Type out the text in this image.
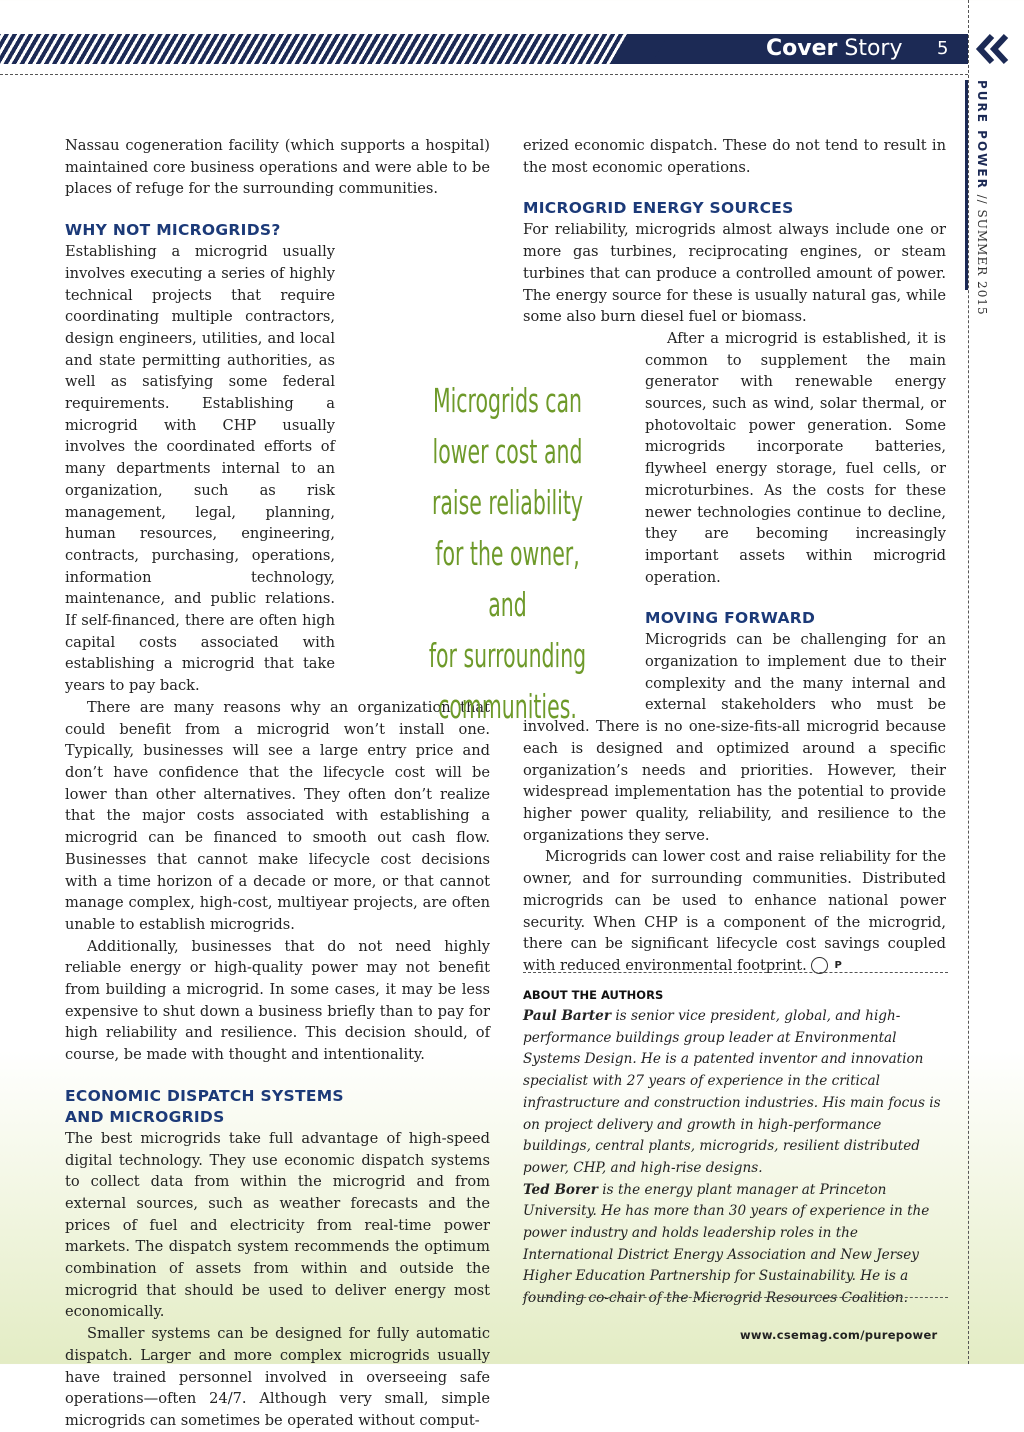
Cover Story 5
PURE POWER // SUMMER 2015

Nassau cogeneration facility (which supports a hospital) maintained core business operations and were able to be places of refuge for the surrounding communities.

WHY NOT MICROGRIDS?

Establishing a microgrid usually involves executing a series of highly technical projects that require coordinating multiple contractors, design engineers, utilities, and local and state permitting authorities, as well as satisfying some federal requirements. Establishing a microgrid with CHP usually involves the coordinated efforts of many departments internal to an organization, such as risk management, legal, planning, human resources, engineering, contracts, purchasing, operations, information technology, maintenance, and public relations. If self-financed, there are often high capital costs associated with establishing a microgrid that take years to pay back.

There are many reasons why an organization that could benefit from a microgrid won’t install one. Typically, businesses will see a large entry price and don’t have confidence that the lifecycle cost will be lower than other alternatives. They often don’t realize that the major costs associated with establishing a microgrid can be financed to smooth out cash flow. Businesses that cannot make lifecycle cost decisions with a time horizon of a decade or more, or that cannot manage complex, high-cost, multiyear projects, are often unable to establish microgrids.

Additionally, businesses that do not need highly reliable energy or high-quality power may not benefit from building a microgrid. In some cases, it may be less expensive to shut down a business briefly than to pay for high reliability and resilience. This decision should, of course, be made with thought and intentionality.

ECONOMIC DISPATCH SYSTEMS
AND MICROGRIDS

The best microgrids take full advantage of high-speed digital technology. They use economic dispatch systems to collect data from within the microgrid and from external sources, such as weather forecasts and the prices of fuel and electricity from real-time power markets. The dispatch system recommends the optimum combination of assets from within and outside the microgrid that should be used to deliver energy most economically.

Smaller systems can be designed for fully automatic dispatch. Larger and more complex microgrids usually have trained personnel involved in overseeing safe operations—often 24/7. Although very small, simple microgrids can sometimes be operated without comput-

Microgrids can
lower cost and
raise reliability
for the owner, and
for surrounding
communities.

erized economic dispatch. These do not tend to result in the most economic operations.

MICROGRID ENERGY SOURCES

For reliability, microgrids almost always include one or more gas turbines, reciprocating engines, or steam turbines that can produce a controlled amount of power. The energy source for these is usually natural gas, while some also burn diesel fuel or biomass.

After a microgrid is established, it is common to supplement the main generator with renewable energy sources, such as wind, solar thermal, or photovoltaic power generation. Some microgrids incorporate batteries, flywheel energy storage, fuel cells, or microturbines. As the costs for these newer technologies continue to decline, they are becoming increasingly important assets within microgrid operation.

MOVING FORWARD

Microgrids can be challenging for an organization to implement due to their complexity and the many internal and external stakeholders who must be involved. There is no one-size-fits-all microgrid because each is designed and optimized around a specific organization’s needs and priorities. However, their widespread implementation has the potential to provide higher power quality, reliability, and resilience to the organizations they serve.

Microgrids can lower cost and raise reliability for the owner, and for surrounding communities. Distributed microgrids can be used to enhance national power security. When CHP is a component of the microgrid, there can be significant lifecycle cost savings coupled with reduced environmental footprint.	P

ABOUT THE AUTHORS

Paul Barter is senior vice president, global, and high-performance buildings group leader at Environmental Systems Design. He is a patented inventor and innovation specialist with 27 years of experience in the critical infrastructure and construction industries. His main focus is on project delivery and growth in high-performance buildings, central plants, microgrids, resilient distributed power, CHP, and high-rise designs.

Ted Borer is the energy plant manager at Princeton University. He has more than 30 years of experience in the power industry and holds leadership roles in the International District Energy Association and New Jersey Higher Education Partnership for Sustainability. He is a founding co-chair of the Microgrid Resources Coalition.

www.csemag.com/purepower
